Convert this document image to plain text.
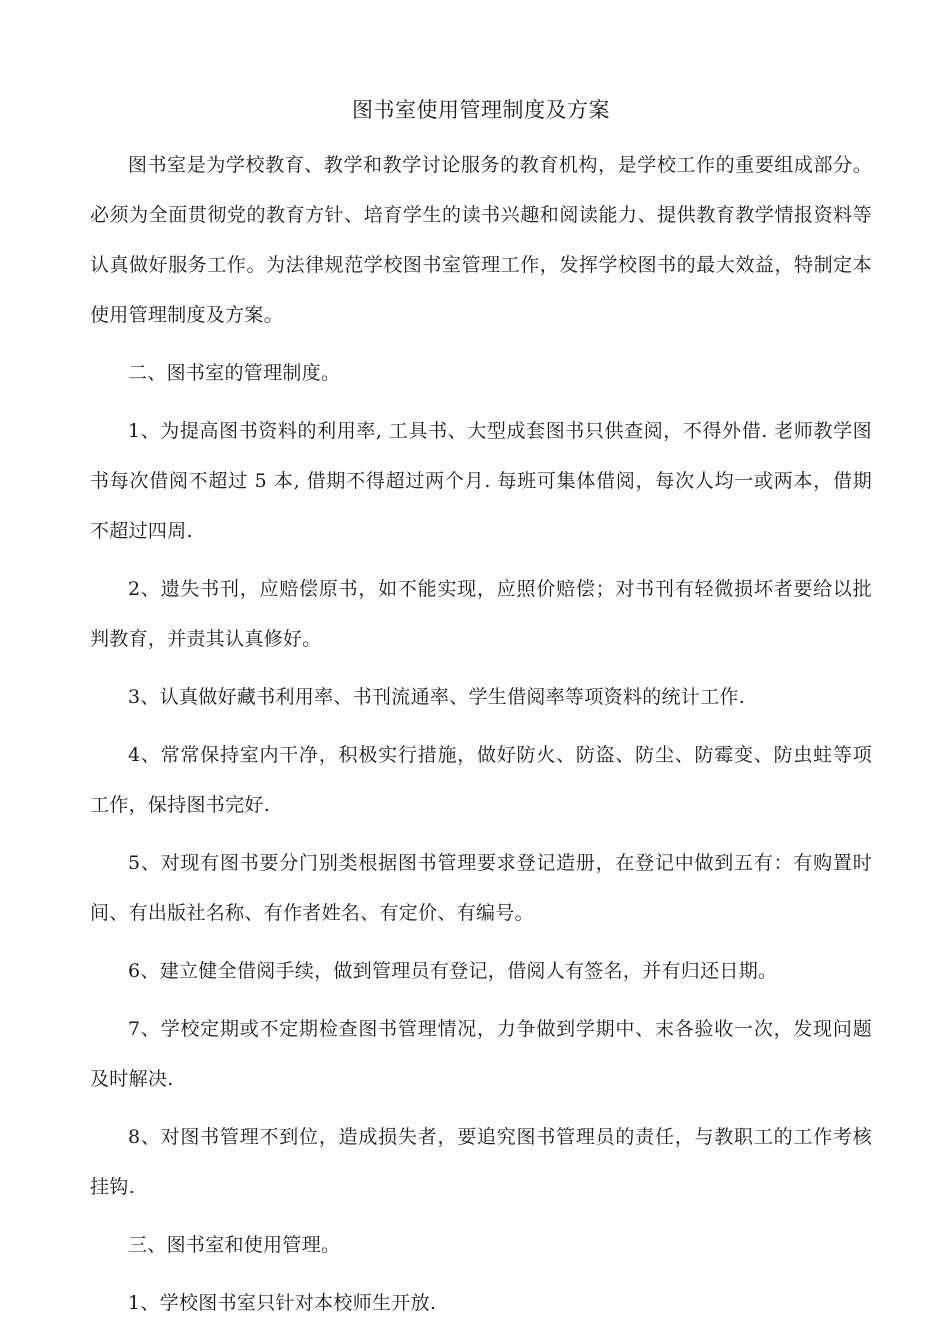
图书室使用管理制度及方案

图书室是为学校教育、教学和教学讨论服务的教育机构，是学校工作的重要组成部分。必须为全面贯彻党的教育方针、培育学生的读书兴趣和阅读能力、提供教育教学情报资料等认真做好服务工作。为法律规范学校图书室管理工作，发挥学校图书的最大效益，特制定本使用管理制度及方案。

二、图书室的管理制度。

1、为提高图书资料的利用率, 工具书、大型成套图书只供查阅，不得外借. 老师教学图书每次借阅不超过 5 本, 借期不得超过两个月. 每班可集体借阅，每次人均一或两本，借期不超过四周.

2、遗失书刊，应赔偿原书，如不能实现，应照价赔偿；对书刊有轻微损坏者要给以批判教育，并责其认真修好。

3、认真做好藏书利用率、书刊流通率、学生借阅率等项资料的统计工作.

4、常常保持室内干净，积极实行措施，做好防火、防盗、防尘、防霉变、防虫蛀等项工作，保持图书完好.

5、对现有图书要分门别类根据图书管理要求登记造册，在登记中做到五有：有购置时间、有出版社名称、有作者姓名、有定价、有编号。

6、建立健全借阅手续，做到管理员有登记，借阅人有签名，并有归还日期。

7、学校定期或不定期检查图书管理情况，力争做到学期中、末各验收一次，发现问题及时解决.

8、对图书管理不到位，造成损失者，要追究图书管理员的责任，与教职工的工作考核挂钩.

三、图书室和使用管理。

1、学校图书室只针对本校师生开放.
